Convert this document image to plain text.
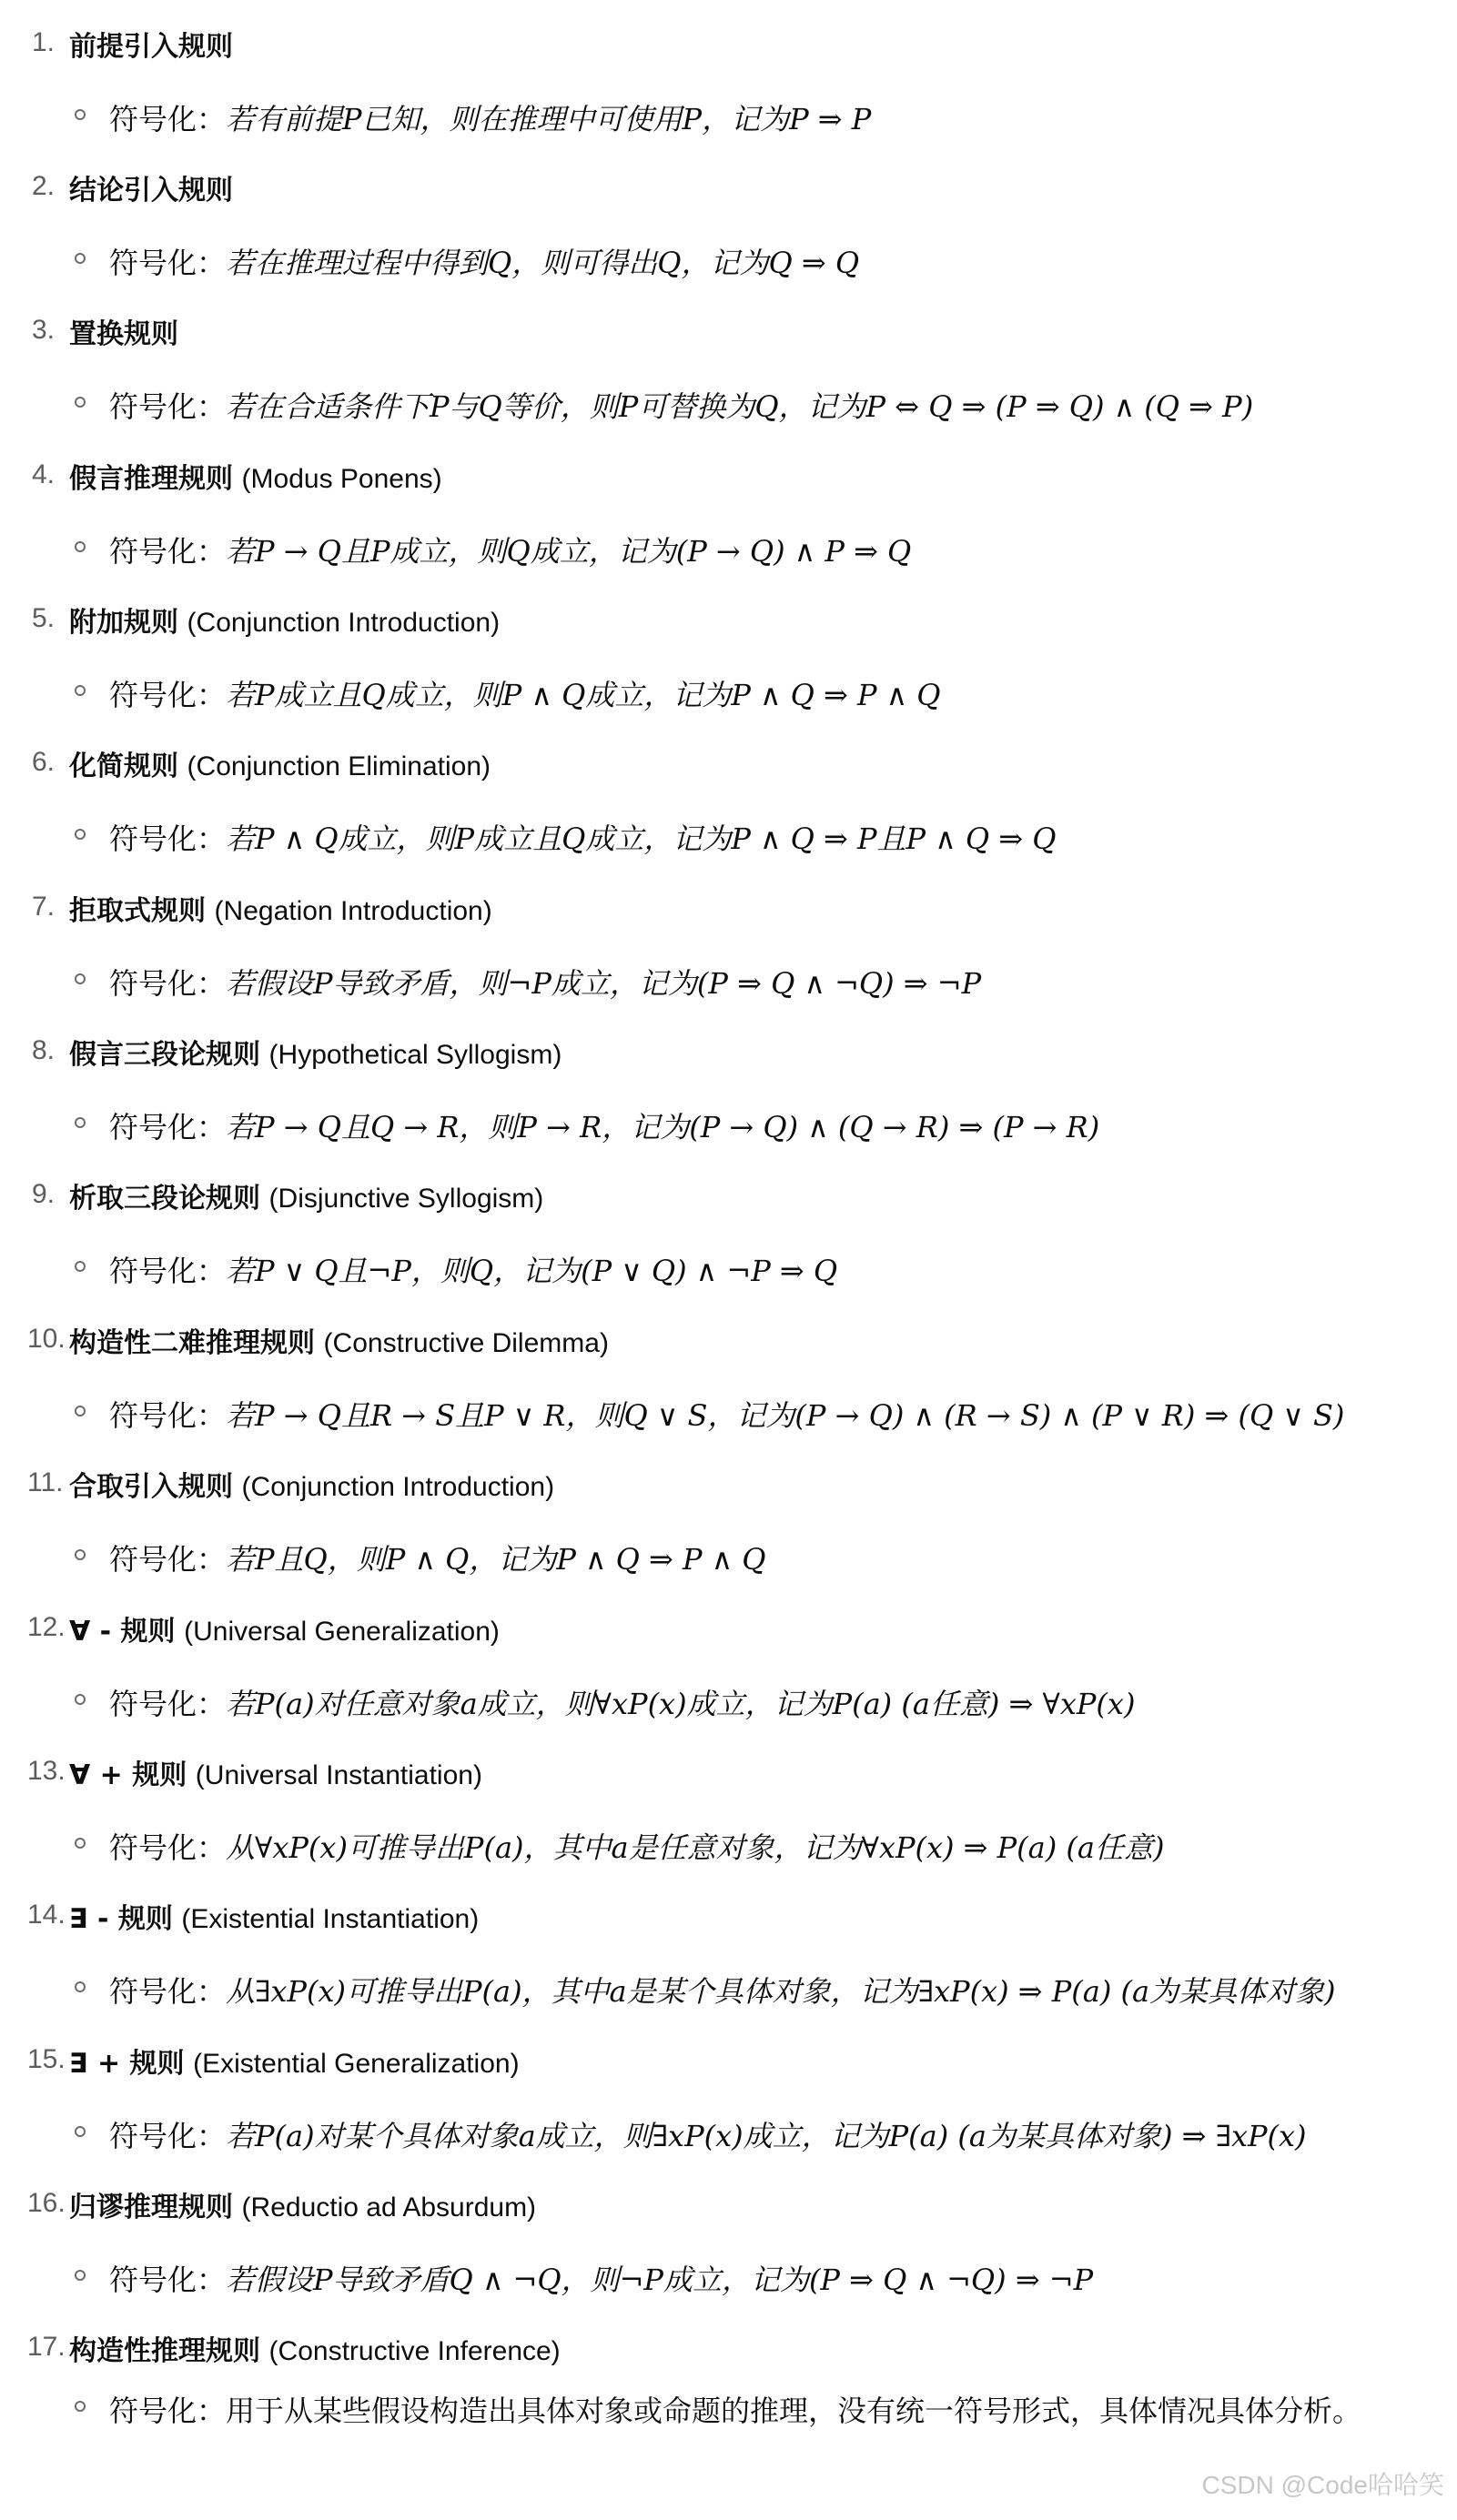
1. 前提引入规则
符号化：若有前提P已知，则在推理中可使用P，记为P ⇒ P
2. 结论引入规则
符号化：若在推理过程中得到Q，则可得出Q，记为Q ⇒ Q
3. 置换规则
符号化：若在合适条件下P与Q等价，则P可替换为Q，记为P ⇔ Q ⇒ (P ⇒ Q) ∧ (Q ⇒ P)
4. 假言推理规则 (Modus Ponens)
符号化：若P → Q且P成立，则Q成立，记为(P → Q) ∧ P ⇒ Q
5. 附加规则 (Conjunction Introduction)
符号化：若P成立且Q成立，则P ∧ Q成立，记为P ∧ Q ⇒ P ∧ Q
6. 化简规则 (Conjunction Elimination)
符号化：若P ∧ Q成立，则P成立且Q成立，记为P ∧ Q ⇒ P且P ∧ Q ⇒ Q
7. 拒取式规则 (Negation Introduction)
符号化：若假设P导致矛盾，则¬P成立，记为(P ⇒ Q ∧ ¬Q) ⇒ ¬P
8. 假言三段论规则 (Hypothetical Syllogism)
符号化：若P → Q且Q → R，则P → R，记为(P → Q) ∧ (Q → R) ⇒ (P → R)
9. 析取三段论规则 (Disjunctive Syllogism)
符号化：若P ∨ Q且¬P，则Q，记为(P ∨ Q) ∧ ¬P ⇒ Q
10. 构造性二难推理规则 (Constructive Dilemma)
符号化：若P → Q且R → S且P ∨ R，则Q ∨ S，记为(P → Q) ∧ (R → S) ∧ (P ∨ R) ⇒ (Q ∨ S)
11. 合取引入规则 (Conjunction Introduction)
符号化：若P且Q，则P ∧ Q，记为P ∧ Q ⇒ P ∧ Q
12. ∀ - 规则 (Universal Generalization)
符号化：若P(a)对任意对象a成立，则∀xP(x)成立，记为P(a) (a任意) ⇒ ∀xP(x)
13. ∀ + 规则 (Universal Instantiation)
符号化：从∀xP(x)可推导出P(a)，其中a是任意对象，记为∀xP(x) ⇒ P(a) (a任意)
14. ∃ - 规则 (Existential Instantiation)
符号化：从∃xP(x)可推导出P(a)，其中a是某个具体对象，记为∃xP(x) ⇒ P(a) (a为某具体对象)
15. ∃ + 规则 (Existential Generalization)
符号化：若P(a)对某个具体对象a成立，则∃xP(x)成立，记为P(a) (a为某具体对象) ⇒ ∃xP(x)
16. 归谬推理规则 (Reductio ad Absurdum)
符号化：若假设P导致矛盾Q ∧ ¬Q，则¬P成立，记为(P ⇒ Q ∧ ¬Q) ⇒ ¬P
17. 构造性推理规则 (Constructive Inference)
符号化：用于从某些假设构造出具体对象或命题的推理，没有统一符号形式，具体情况具体分析。
CSDN @Code哈哈笑
